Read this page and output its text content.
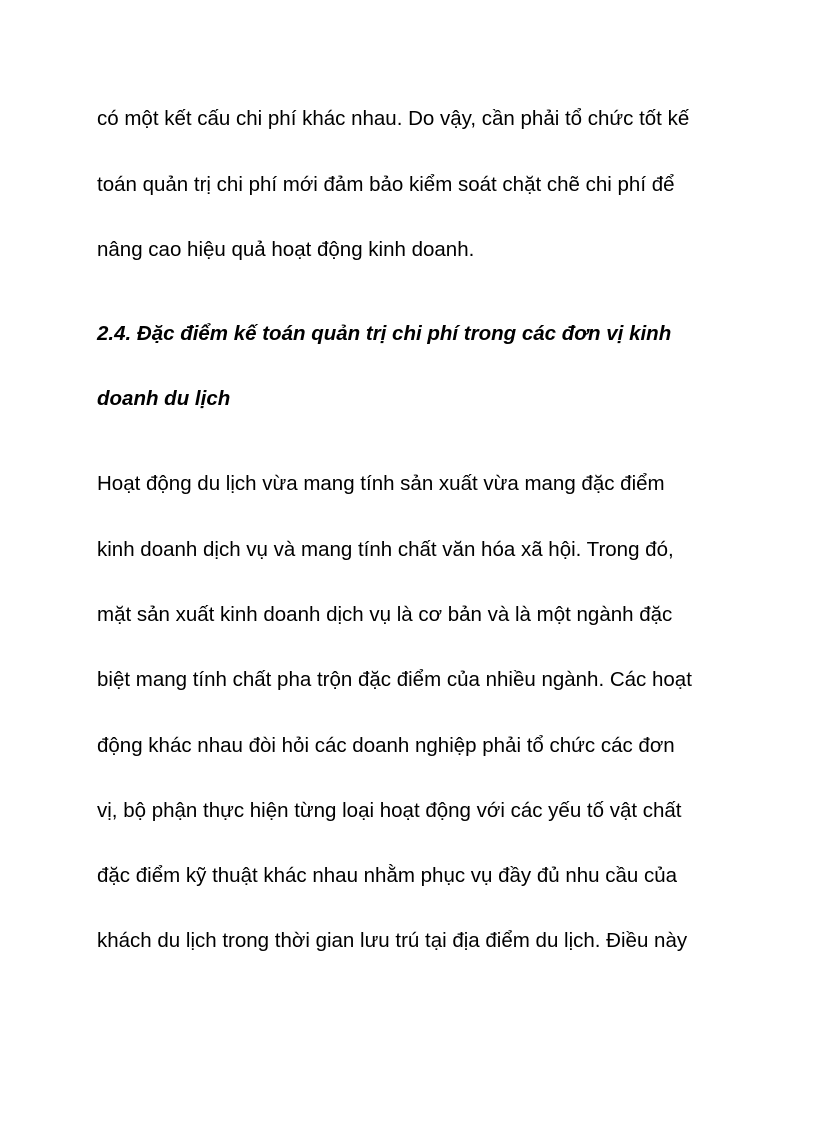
có một kết cấu chi phí khác nhau. Do vậy, cần phải tổ chức tốt kế

toán quản trị chi phí mới đảm bảo kiểm soát chặt chẽ chi phí để

nâng cao hiệu quả hoạt động kinh doanh.

2.4. Đặc điểm kế toán quản trị chi phí trong các đơn vị kinh

doanh du lịch

Hoạt động du lịch vừa mang tính sản xuất vừa mang đặc điểm

kinh doanh dịch vụ và mang tính chất văn hóa xã hội. Trong đó,

mặt sản xuất kinh doanh dịch vụ là cơ bản và là một ngành đặc

biệt mang tính chất pha trộn đặc điểm của nhiều ngành. Các hoạt

động khác nhau đòi hỏi các doanh nghiệp phải tổ chức các đơn

vị, bộ phận thực hiện từng loại hoạt động với các yếu tố vật chất

đặc điểm kỹ thuật khác nhau nhằm phục vụ đầy đủ nhu cầu của

khách du lịch trong thời gian lưu trú tại địa điểm du lịch. Điều này
